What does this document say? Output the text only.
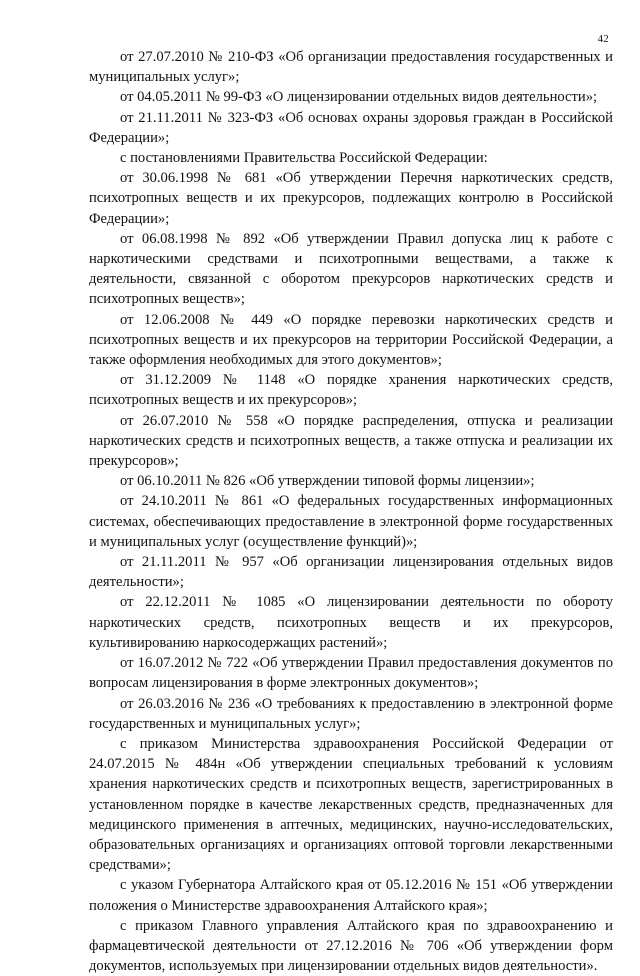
42

от 27.07.2010 № 210-ФЗ «Об организации предоставления государственных и муниципальных услуг»;

от 04.05.2011 № 99-ФЗ «О лицензировании отдельных видов деятельности»;

от 21.11.2011 № 323-ФЗ «Об основах охраны здоровья граждан в Российской Федерации»;

с постановлениями Правительства Российской Федерации:

от 30.06.1998 № 681 «Об утверждении Перечня наркотических средств, психотропных веществ и их прекурсоров, подлежащих контролю в Российской Федерации»;

от 06.08.1998 № 892 «Об утверждении Правил допуска лиц к работе с наркотическими средствами и психотропными веществами, а также к деятельности, связанной с оборотом прекурсоров наркотических средств и психотропных веществ»;

от 12.06.2008 № 449 «О порядке перевозки наркотических средств и психотропных веществ и их прекурсоров на территории Российской Федерации, а также оформления необходимых для этого документов»;

от 31.12.2009 № 1148 «О порядке хранения наркотических средств, психотропных веществ и их прекурсоров»;

от 26.07.2010 № 558 «О порядке распределения, отпуска и реализации наркотических средств и психотропных веществ, а также отпуска и реализации их прекурсоров»;

от 06.10.2011 № 826 «Об утверждении типовой формы лицензии»;

от 24.10.2011 № 861 «О федеральных государственных информационных системах, обеспечивающих предоставление в электронной форме государственных и муниципальных услуг (осуществление функций)»;

от 21.11.2011 № 957 «Об организации лицензирования отдельных видов деятельности»;

от 22.12.2011 № 1085 «О лицензировании деятельности по обороту наркотических средств, психотропных веществ и их прекурсоров, культивированию наркосодержащих растений»;

от 16.07.2012 № 722 «Об утверждении Правил предоставления документов по вопросам лицензирования в форме электронных документов»;

от 26.03.2016 № 236 «О требованиях к предоставлению в электронной форме государственных и муниципальных услуг»;

с приказом Министерства здравоохранения Российской Федерации от 24.07.2015 № 484н «Об утверждении специальных требований к условиям хранения наркотических средств и психотропных веществ, зарегистрированных в установленном порядке в качестве лекарственных средств, предназначенных для медицинского применения в аптечных, медицинских, научно-исследовательских, образовательных организациях и организациях оптовой торговли лекарственными средствами»;

с указом Губернатора Алтайского края от 05.12.2016 № 151 «Об утверждении положения о Министерстве здравоохранения Алтайского края»;

с приказом Главного управления Алтайского края по здравоохранению и фармацевтической деятельности от 27.12.2016 № 706 «Об утверждении форм документов, используемых при лицензировании отдельных видов деятельности».
